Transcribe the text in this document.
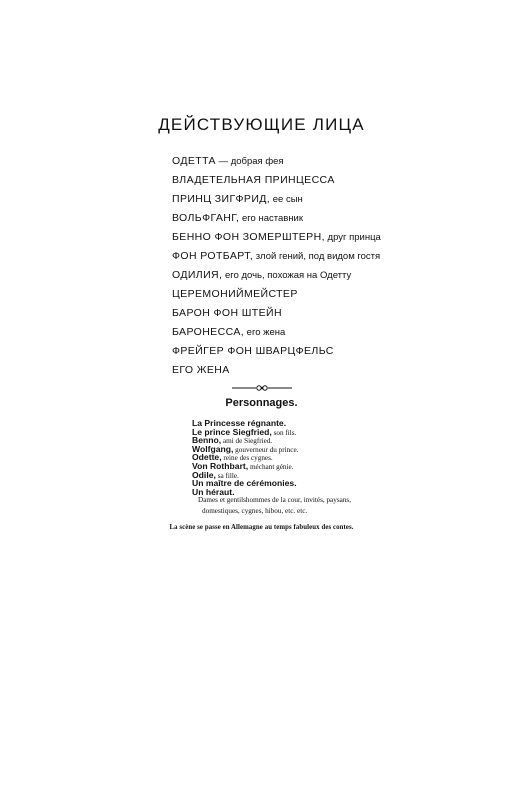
ДЕЙСТВУЮЩИЕ ЛИЦА
ОДЕТТА — добрая фея
ВЛАДЕТЕЛЬНАЯ ПРИНЦЕССА
ПРИНЦ ЗИГФРИД, ее сын
ВОЛЬФГАНГ, его наставник
БЕННО ФОН ЗОМЕРШТЕРН, друг принца
ФОН РОТБАРТ, злой гений, под видом гостя
ОДИЛИЯ, его дочь, похожая на Одетту
ЦЕРЕМОНИЙМЕЙСТЕР
БАРОН ФОН ШТЕЙН
БАРОНЕССА, его жена
ФРЕЙГЕР ФОН ШВАРЦФЕЛЬС
ЕГО ЖЕНА
Personnages.
La Princesse régnante.
Le prince Siegfried, son fils.
Benno, ami de Siegfried.
Wolfgang, gouverneur du prince.
Odette, reine des cygnes.
Von Rothbart, méchant génie.
Odile, sa fille.
Un maître de cérémonies.
Un héraut.
Dames et gentilshommes de la cour, invités, paysans, domestiques, cygnes, hibou, etc. etc.
La scène se passe en Allemagne au temps fabuleux des contes.
